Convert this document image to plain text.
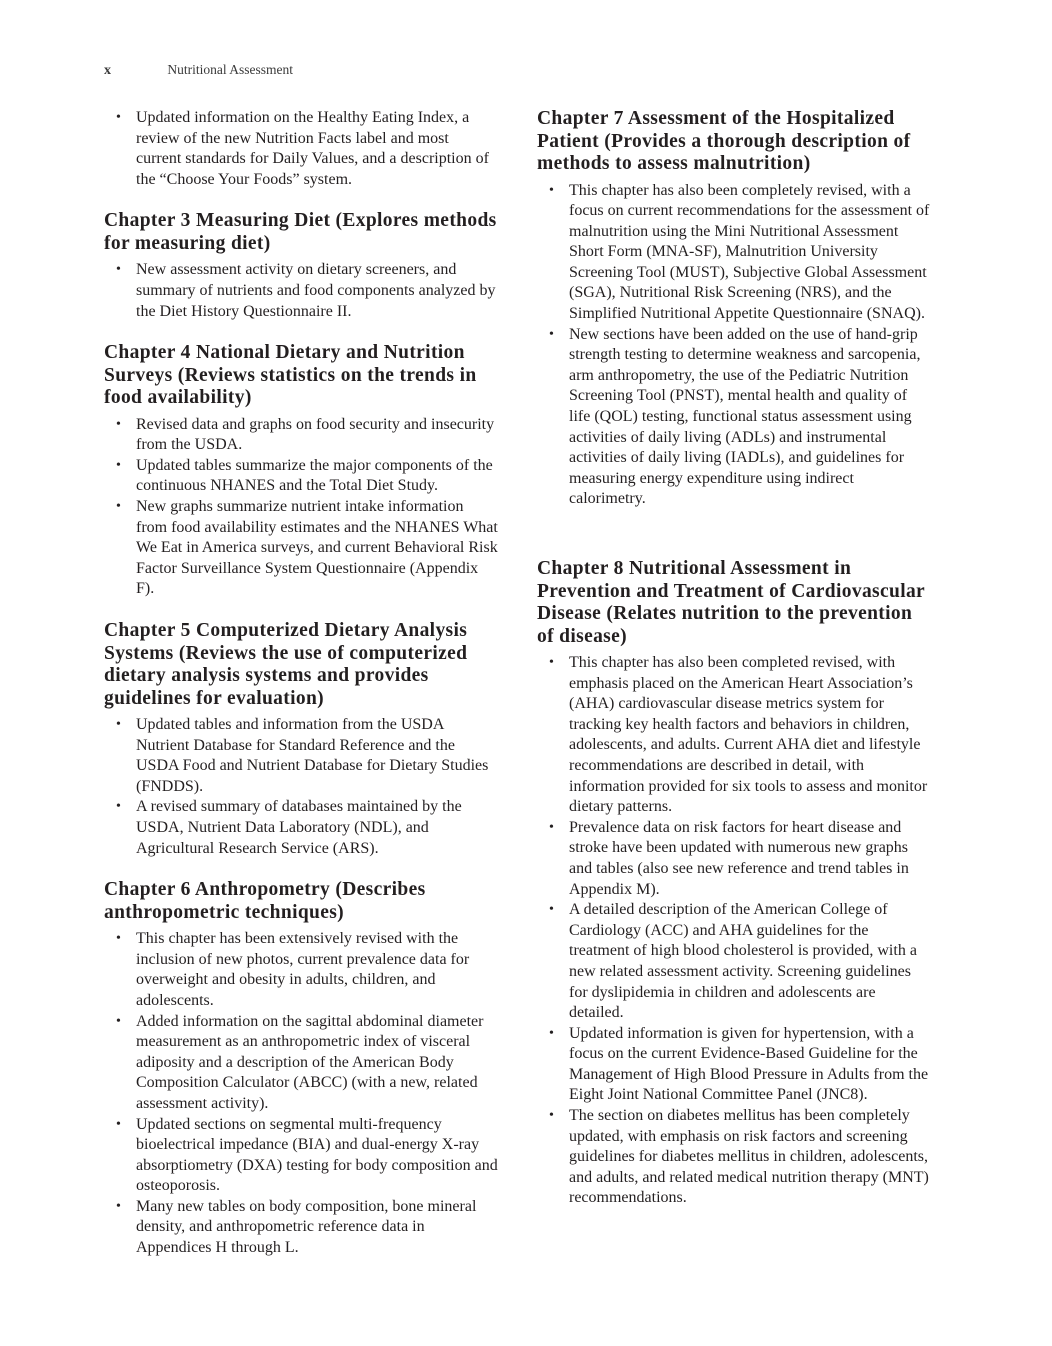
x	Nutritional Assessment
• Updated information on the Healthy Eating Index, a review of the new Nutrition Facts label and most current standards for Daily Values, and a description of the “Choose Your Foods” system.
Chapter 3 Measuring Diet (Explores methods for measuring diet)
• New assessment activity on dietary screeners, and summary of nutrients and food components analyzed by the Diet History Questionnaire II.
Chapter 4 National Dietary and Nutrition Surveys (Reviews statistics on the trends in food availability)
• Revised data and graphs on food security and insecurity from the USDA.
• Updated tables summarize the major components of the continuous NHANES and the Total Diet Study.
• New graphs summarize nutrient intake information from food availability estimates and the NHANES What We Eat in America surveys, and current Behavioral Risk Factor Surveillance System Questionnaire (Appendix F).
Chapter 5 Computerized Dietary Analysis Systems (Reviews the use of computerized dietary analysis systems and provides guidelines for evaluation)
• Updated tables and information from the USDA Nutrient Database for Standard Reference and the USDA Food and Nutrient Database for Dietary Studies (FNDDS).
• A revised summary of databases maintained by the USDA, Nutrient Data Laboratory (NDL), and Agricultural Research Service (ARS).
Chapter 6 Anthropometry (Describes anthropometric techniques)
• This chapter has been extensively revised with the inclusion of new photos, current prevalence data for overweight and obesity in adults, children, and adolescents.
• Added information on the sagittal abdominal diameter measurement as an anthropometric index of visceral adiposity and a description of the American Body Composition Calculator (ABCC) (with a new, related assessment activity).
• Updated sections on segmental multi-frequency bioelectrical impedance (BIA) and dual-energy X-ray absorptiometry (DXA) testing for body composition and osteoporosis.
• Many new tables on body composition, bone mineral density, and anthropometric reference data in Appendices H through L.
Chapter 7 Assessment of the Hospitalized Patient (Provides a thorough description of methods to assess malnutrition)
• This chapter has also been completely revised, with a focus on current recommendations for the assessment of malnutrition using the Mini Nutritional Assessment Short Form (MNA-SF), Malnutrition University Screening Tool (MUST), Subjective Global Assessment (SGA), Nutritional Risk Screening (NRS), and the Simplified Nutritional Appetite Questionnaire (SNAQ).
• New sections have been added on the use of hand-grip strength testing to determine weakness and sarcopenia, arm anthropometry, the use of the Pediatric Nutrition Screening Tool (PNST), mental health and quality of life (QOL) testing, functional status assessment using activities of daily living (ADLs) and instrumental activities of daily living (IADLs), and guidelines for measuring energy expenditure using indirect calorimetry.
Chapter 8 Nutritional Assessment in Prevention and Treatment of Cardiovascular Disease (Relates nutrition to the prevention of disease)
• This chapter has also been completed revised, with emphasis placed on the American Heart Association’s (AHA) cardiovascular disease metrics system for tracking key health factors and behaviors in children, adolescents, and adults. Current AHA diet and lifestyle recommendations are described in detail, with information provided for six tools to assess and monitor dietary patterns.
• Prevalence data on risk factors for heart disease and stroke have been updated with numerous new graphs and tables (also see new reference and trend tables in Appendix M).
• A detailed description of the American College of Cardiology (ACC) and AHA guidelines for the treatment of high blood cholesterol is provided, with a new related assessment activity. Screening guidelines for dyslipidemia in children and adolescents are detailed.
• Updated information is given for hypertension, with a focus on the current Evidence-Based Guideline for the Management of High Blood Pressure in Adults from the Eight Joint National Committee Panel (JNC8).
• The section on diabetes mellitus has been completely updated, with emphasis on risk factors and screening guidelines for diabetes mellitus in children, adolescents, and adults, and related medical nutrition therapy (MNT) recommendations.
